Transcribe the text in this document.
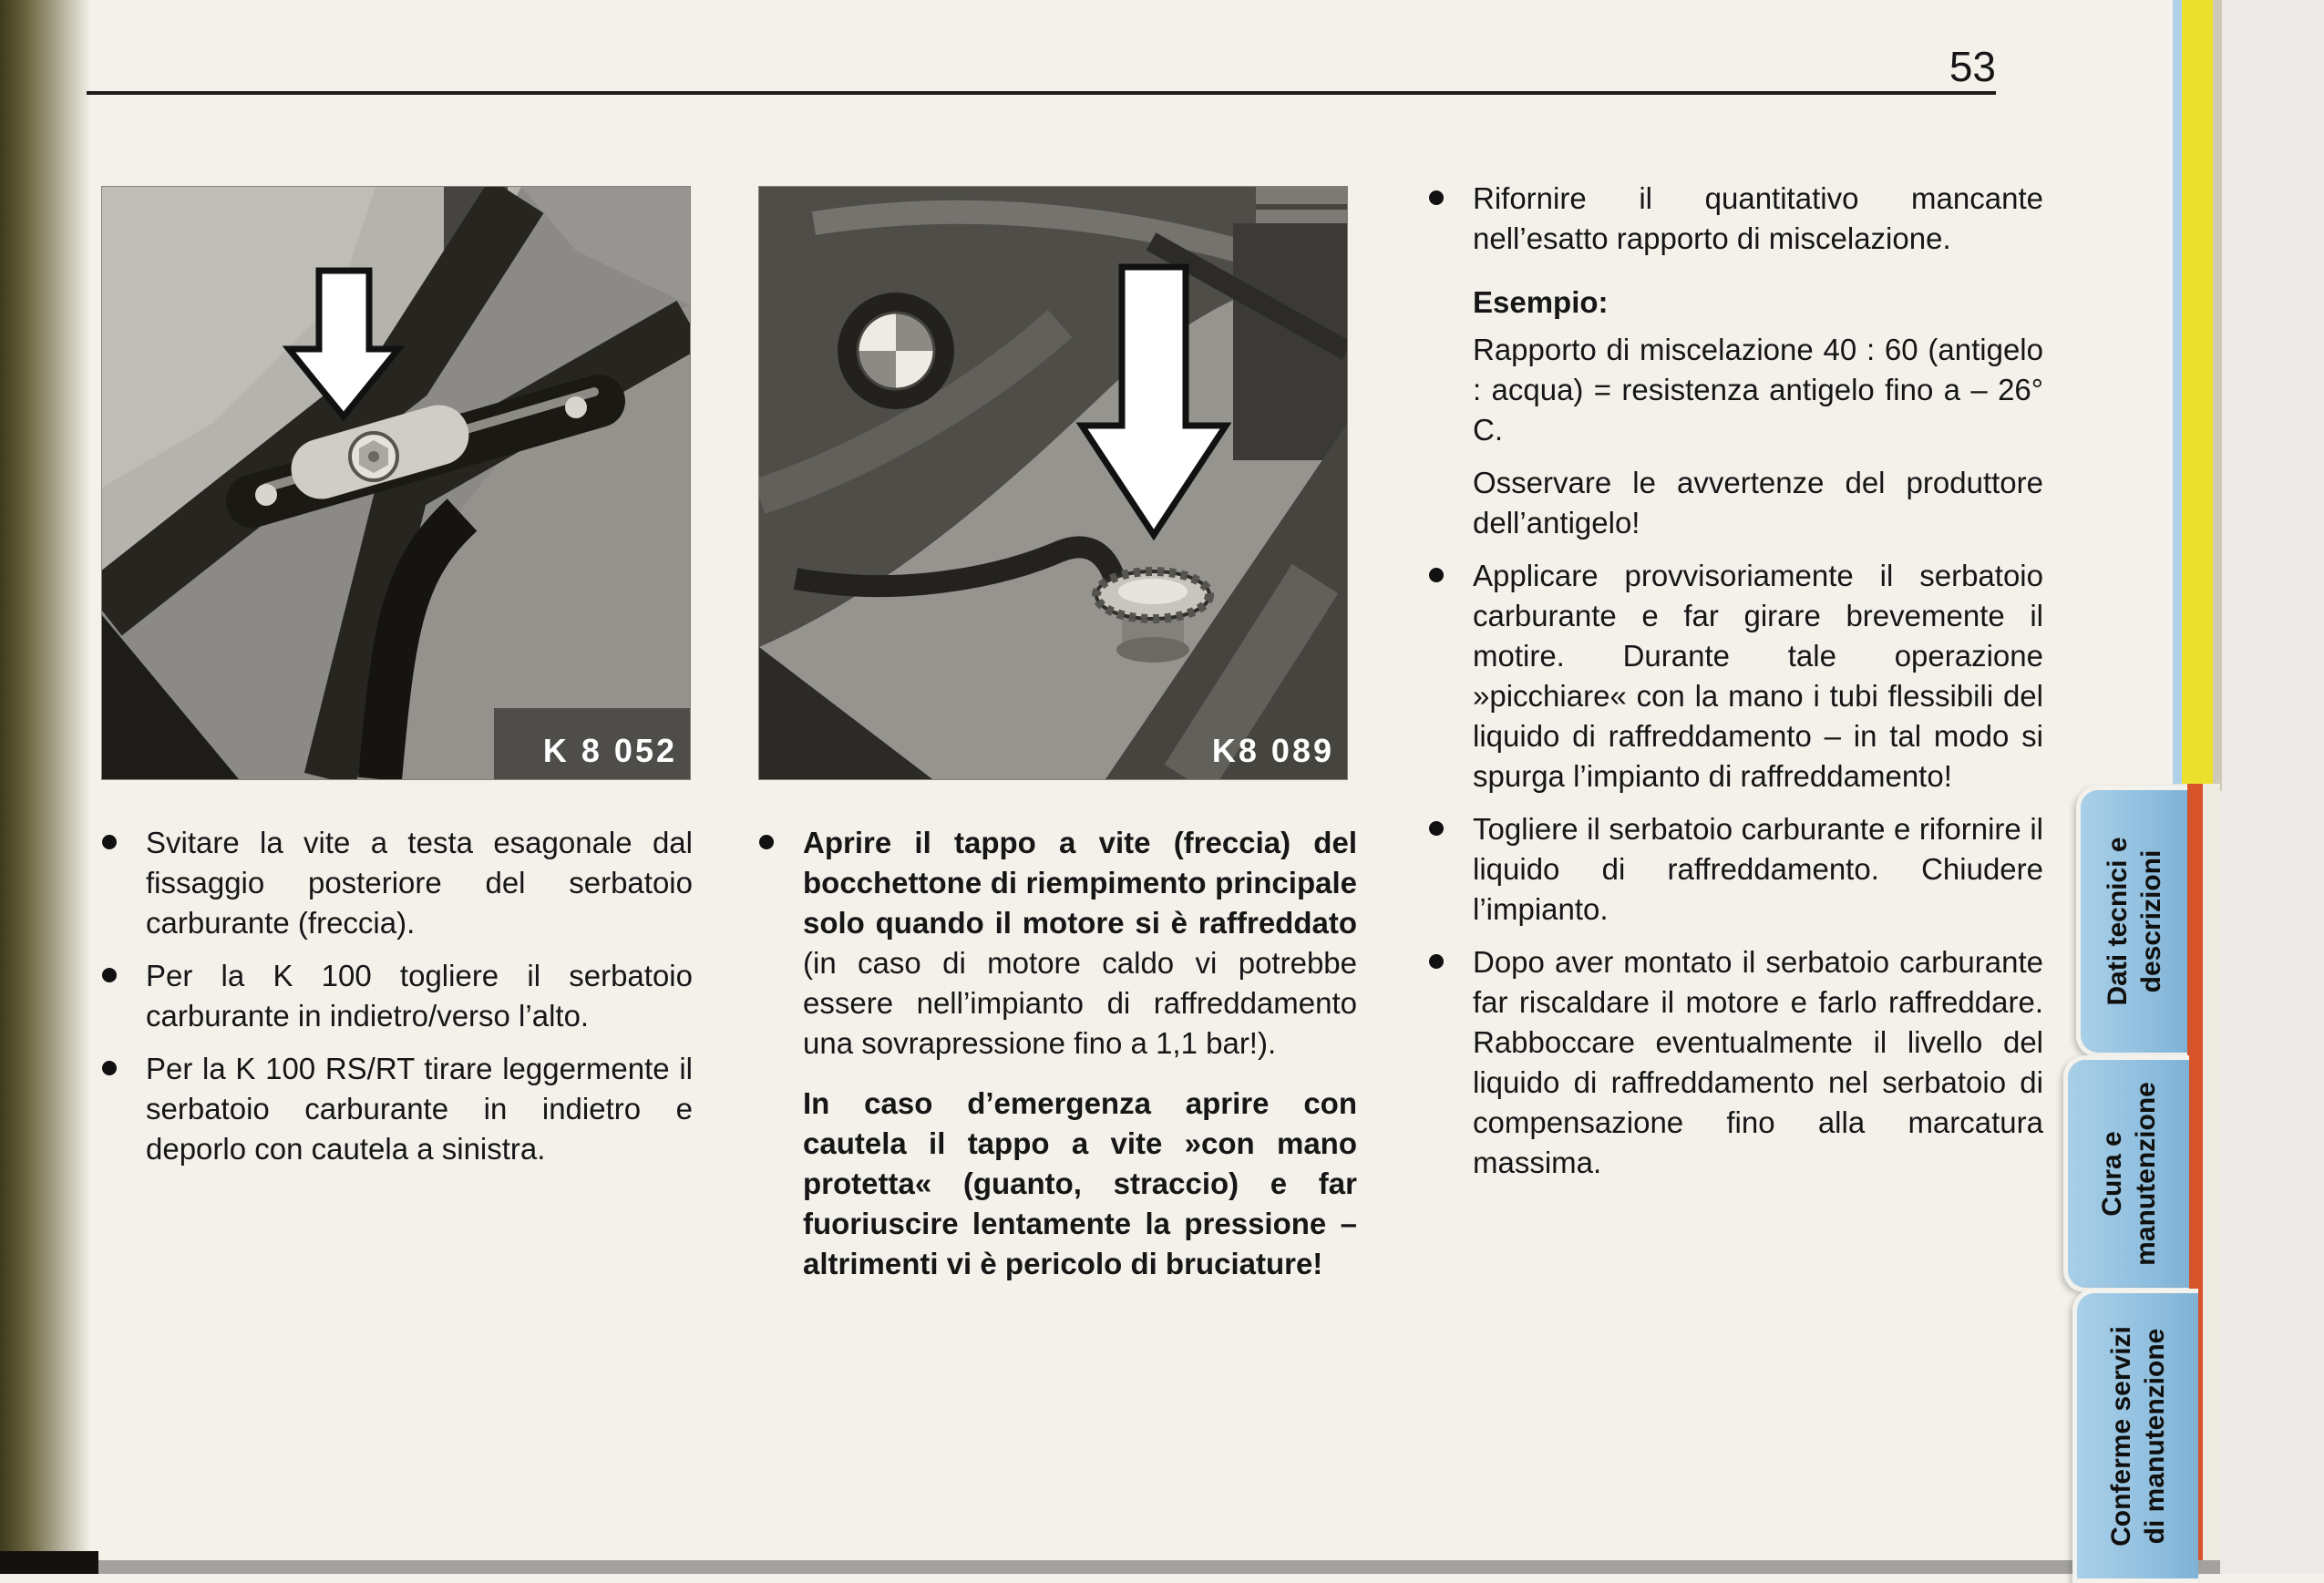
53
K 8 052	K8 089

Svitare la vite a testa esagonale dal fissaggio posteriore del serbatoio carburante (freccia).

Per la K 100 togliere il serbatoio carburante in indietro/verso l’alto.

Per la K 100 RS/RT tirare leggermente il serbatoio carburante in indietro e deporlo con cautela a sinistra.

Aprire il tappo a vite (freccia) del bocchettone di riempimento principale solo quando il motore si è raffreddato (in caso di motore caldo vi potrebbe essere nell’impianto di raffreddamento una sovrapressione fino a 1,1 bar!).

In caso d’emergenza aprire con cautela il tappo a vite »con mano protetta« (guanto, straccio) e far fuoriuscire lentamente la pressione – altrimenti vi è pericolo di bruciature!

Rifornire il quantitativo mancante nell’esatto rapporto di miscelazione.

Esempio:

Rapporto di miscelazione 40 : 60 (antigelo : acqua) = resistenza antigelo fino a – 26° C.

Osservare le avvertenze del produttore dell’antigelo!

Applicare provvisoriamente il serbatoio carburante e far girare brevemente il motire. Durante tale operazione »picchiare« con la mano i tubi flessibili del liquido di raffreddamento – in tal modo si spurga l’impianto di raffreddamento!

Togliere il serbatoio carburante e rifornire il liquido di raffreddamento. Chiudere l’impianto.

Dopo aver montato il serbatoio carburante far riscaldare il motore e farlo raffreddare. Rabboccare eventualmente il livello del liquido di raffreddamento nel serbatoio di compensazione fino alla marcatura massima.

Dati tecnici e descrizioni
Cura e manutenzione
Conferme servizi di manutenzione
